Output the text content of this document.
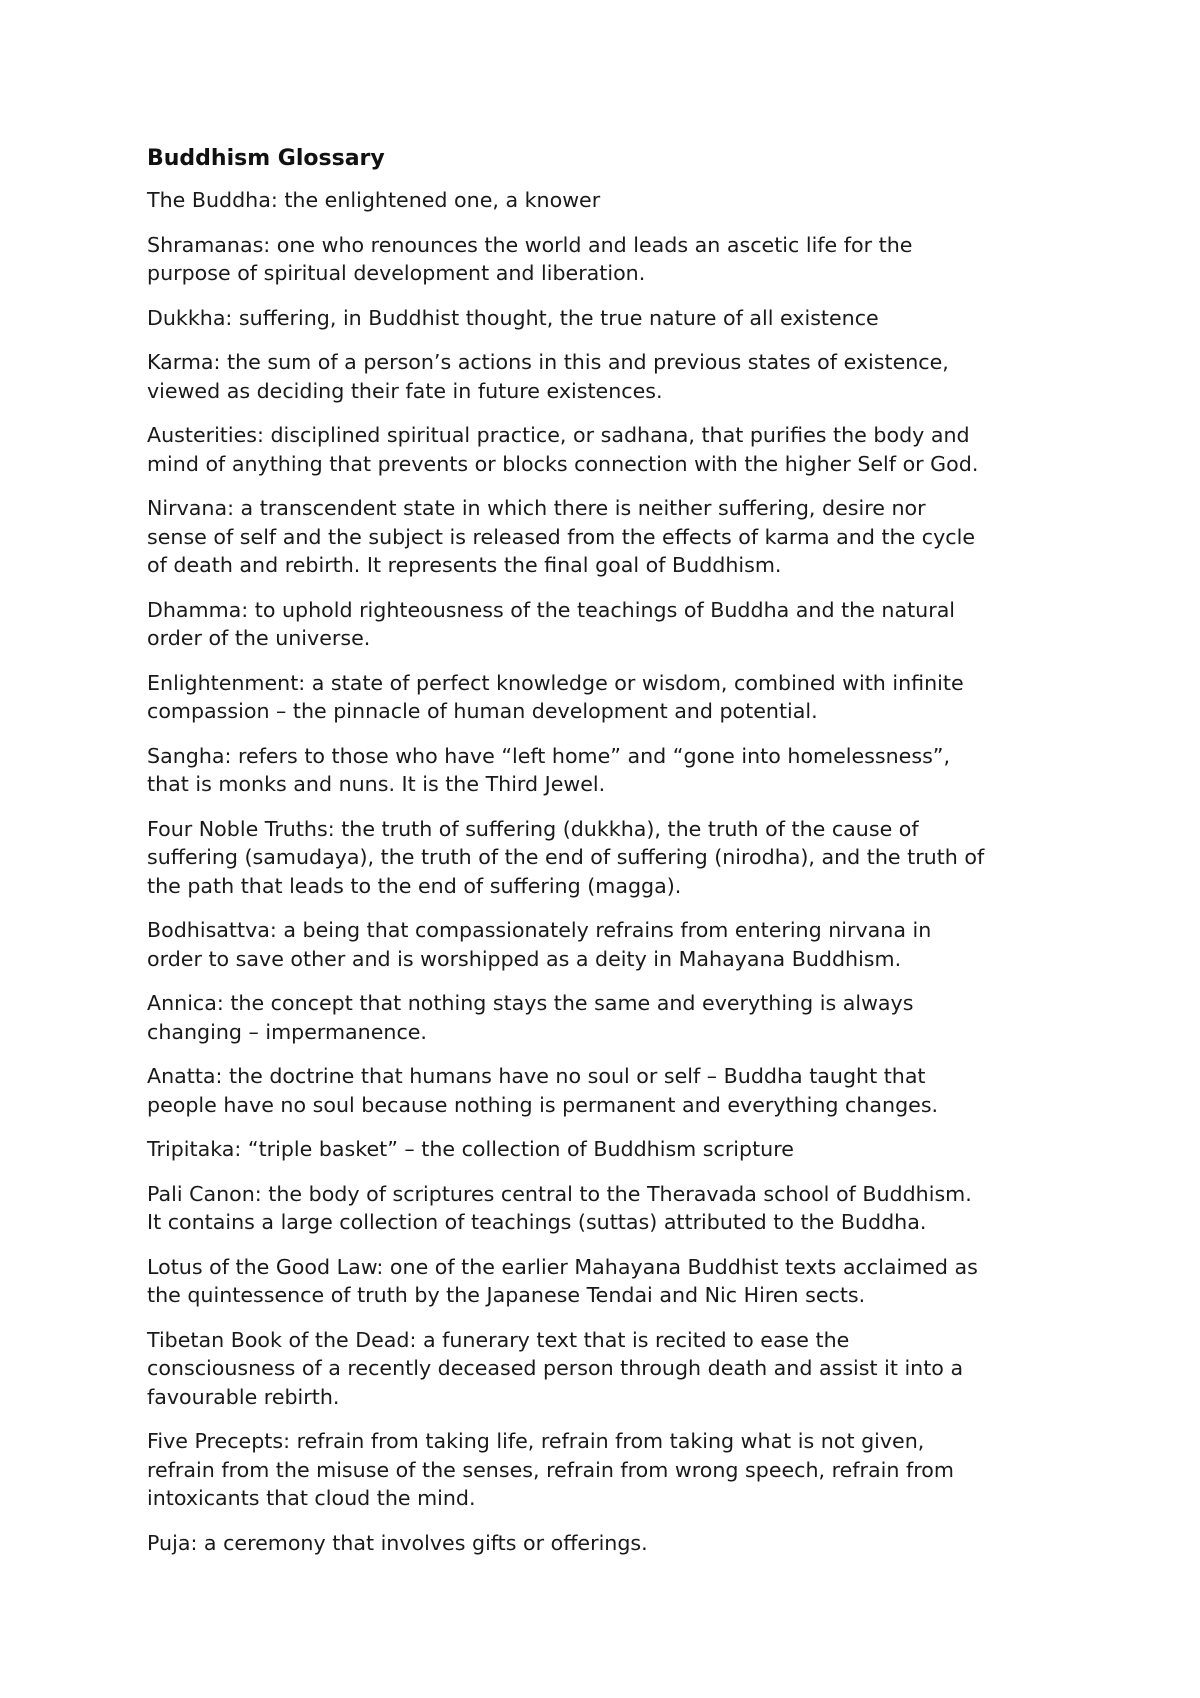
Buddhism Glossary

The Buddha: the enlightened one, a knower

Shramanas: one who renounces the world and leads an ascetic life for the
purpose of spiritual development and liberation.

Dukkha: suffering, in Buddhist thought, the true nature of all existence

Karma: the sum of a person’s actions in this and previous states of existence,
viewed as deciding their fate in future existences.

Austerities: disciplined spiritual practice, or sadhana, that purifies the body and
mind of anything that prevents or blocks connection with the higher Self or God.

Nirvana: a transcendent state in which there is neither suffering, desire nor
sense of self and the subject is released from the effects of karma and the cycle
of death and rebirth. It represents the final goal of Buddhism.

Dhamma: to uphold righteousness of the teachings of Buddha and the natural
order of the universe.

Enlightenment: a state of perfect knowledge or wisdom, combined with infinite
compassion – the pinnacle of human development and potential.

Sangha: refers to those who have “left home” and “gone into homelessness”,
that is monks and nuns. It is the Third Jewel.

Four Noble Truths: the truth of suffering (dukkha), the truth of the cause of
suffering (samudaya), the truth of the end of suffering (nirodha), and the truth of
the path that leads to the end of suffering (magga).

Bodhisattva: a being that compassionately refrains from entering nirvana in
order to save other and is worshipped as a deity in Mahayana Buddhism.

Annica: the concept that nothing stays the same and everything is always
changing – impermanence.

Anatta: the doctrine that humans have no soul or self – Buddha taught that
people have no soul because nothing is permanent and everything changes.

Tripitaka: “triple basket” – the collection of Buddhism scripture

Pali Canon: the body of scriptures central to the Theravada school of Buddhism.
It contains a large collection of teachings (suttas) attributed to the Buddha.

Lotus of the Good Law: one of the earlier Mahayana Buddhist texts acclaimed as
the quintessence of truth by the Japanese Tendai and Nic Hiren sects.

Tibetan Book of the Dead: a funerary text that is recited to ease the
consciousness of a recently deceased person through death and assist it into a
favourable rebirth.

Five Precepts: refrain from taking life, refrain from taking what is not given,
refrain from the misuse of the senses, refrain from wrong speech, refrain from
intoxicants that cloud the mind.

Puja: a ceremony that involves gifts or offerings.
